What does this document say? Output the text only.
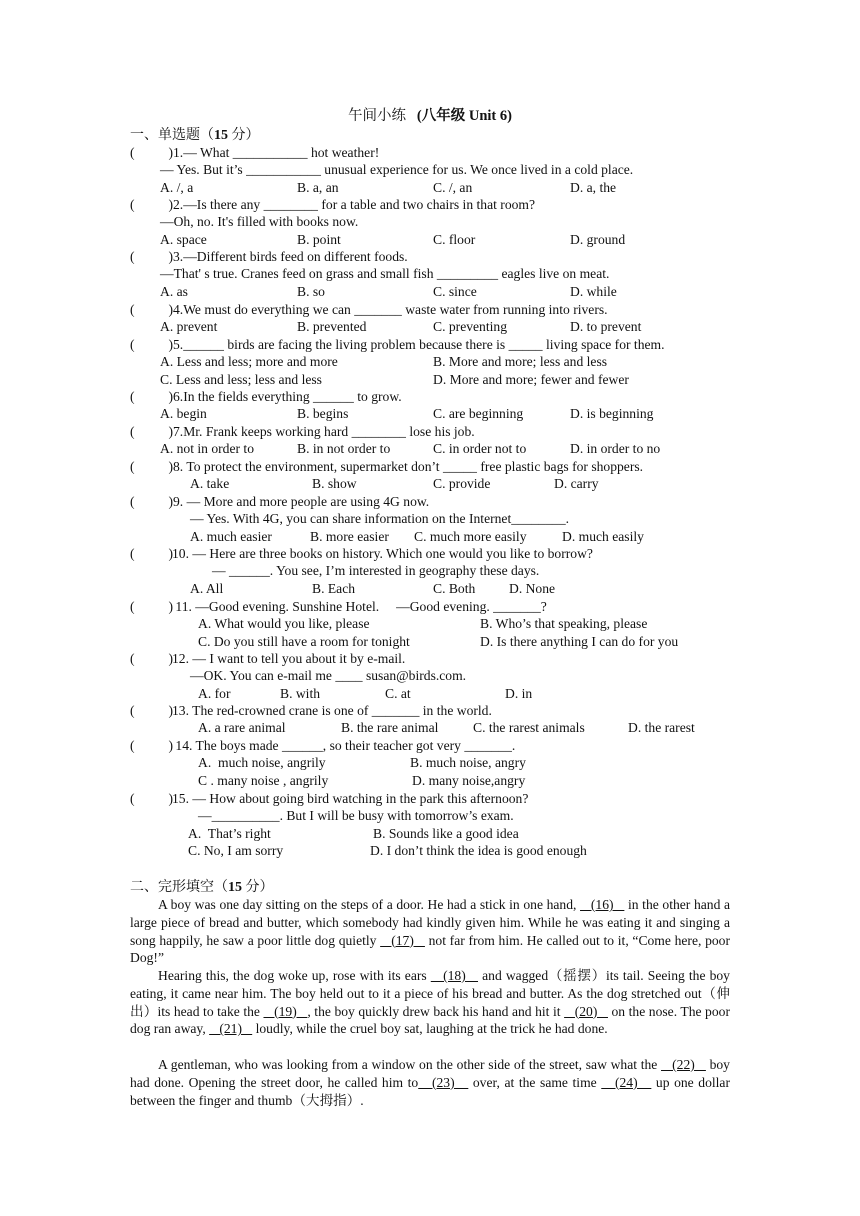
午间小练 (八年级 Unit 6)
一、单选题（15 分）
(          ) 1.— What ___________ hot weather!
— Yes. But it’s ___________ unusual experience for us. We once lived in a cold place.
A. /, a	B. a, an	C. /, an	D. a, the
(          ) 2.—Is there any ________ for a table and two chairs in that room?
—Oh, no. It's filled with books now.
A. space	B. point	C. floor	D. ground
(          ) 3.—Different birds feed on different foods.
—That' s true. Cranes feed on grass and small fish _________ eagles live on meat.
A. as	B. so	C. since	D. while
(          ) 4.We must do everything we can _______ waste water from running into rivers.
A. prevent	B. prevented	C. preventing	D. to prevent
(          ) 5.______ birds are facing the living problem because there is _____ living space for them.
A. Less and less; more and more	B. More and more; less and less
C. Less and less; less and less	D. More and more; fewer and fewer
(          ) 6.In the fields everything ______ to grow.
A. begin	B. begins	C. are beginning	D. is beginning
(          ) 7.Mr. Frank keeps working hard ________ lose his job.
A. not in order to	B. in not order to	C. in order not to	D. in order to no
(          ) 8. To protect the environment, supermarket don’t _____ free plastic bags for shoppers.
A. take	B. show	C. provide	D. carry
(          ) 9. — More and more people are using 4G now.
— Yes. With 4G, you can share information on the Internet________.
A. much easier	B. more easier C. much more easily	D. much easily
(          )
10. — Here are three books on history. Which one would you like to borrow?
— ______. You see, I’m interested in geography these days.
A. All	B. Each	C. Both D. None
(          )
11. —Good evening. Sunshine Hotel.     —Good evening. _______?
A. What would you like, please	B. Who’s that speaking, please
C. Do you still have a room for tonight	D. Is there anything I can do for you
(          )
12. — I want to tell you about it by e-mail.
—OK. You can e-mail me ____ susan@birds.com.
A. for	B. with	C. at	D. in
(          )
13. The red-crowned crane is one of _______ in the world.
A. a rare animal	B. the rare animal	C. the rarest animals	D. the rarest
(          )
14. The boys made ______, so their teacher got very _______.
A.  much noise, angrily	B. much noise, angry
C . many noise , angrily	D. many noise,angry
(          )
15. — How about going bird watching in the park this afternoon?
—__________. But I will be busy with tomorrow’s exam.
A.  That’s right	B. Sounds like a good idea
C. No, I am sorry	D. I don’t think the idea is good enough
二、完形填空（15 分）
A boy was one day sitting on the steps of a door. He had a stick in one hand,    (16)    in the other hand a large piece of bread and butter, which somebody had kindly given him. While he was eating it and singing a song happily, he saw a poor little dog quietly    (17)    not far from him. He called out to it, “Come here, poor Dog!”
Hearing this, the dog woke up, rose with its ears    (18)    and wagged（摇摆）its tail. Seeing the boy eating, it came near him. The boy held out to it a piece of his bread and butter. As the dog stretched out（伸出）its head to take the    (19)   , the boy quickly drew back his hand and hit it    (20)    on the nose. The poor dog ran away,    (21)    loudly, while the cruel boy sat, laughing at the trick he had done.
A gentleman, who was looking from a window on the other side of the street, saw what the    (22)    boy had done. Opening the street door, he called him to   (23)    over, at the same time    (24)    up one dollar between the finger and thumb（大拇指）.
